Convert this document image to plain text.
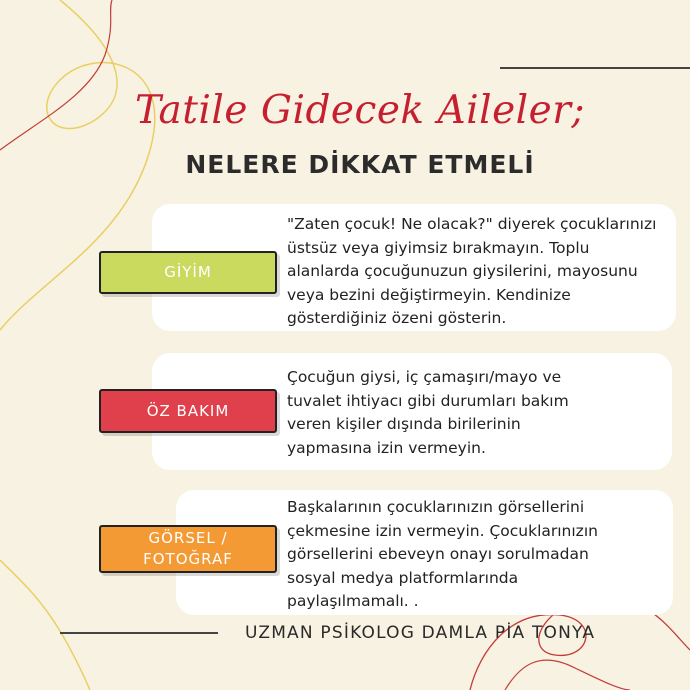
Tatile Gidecek Aileler;
NELERE DİKKAT ETMELİ
"Zaten çocuk! Ne olacak?" diyerek çocuklarınızı
üstsüz veya giyimsiz bırakmayın. Toplu
alanlarda çocuğunuzun giysilerini, mayosunu
veya bezini değiştirmeyin. Kendinize
gösterdiğiniz özeni gösterin.
GİYİM
Çocuğun giysi, iç çamaşırı/mayo ve
tuvalet ihtiyacı gibi durumları bakım
veren kişiler dışında birilerinin
yapmasına izin vermeyin.
ÖZ BAKIM
Başkalarının çocuklarınızın görsellerini
çekmesine izin vermeyin. Çocuklarınızın
görsellerini ebeveyn onayı sorulmadan
sosyal medya platformlarında
paylaşılmamalı. .
GÖRSEL /
FOTOĞRAF
UZMAN PSİKOLOG DAMLA PİA TONYA
